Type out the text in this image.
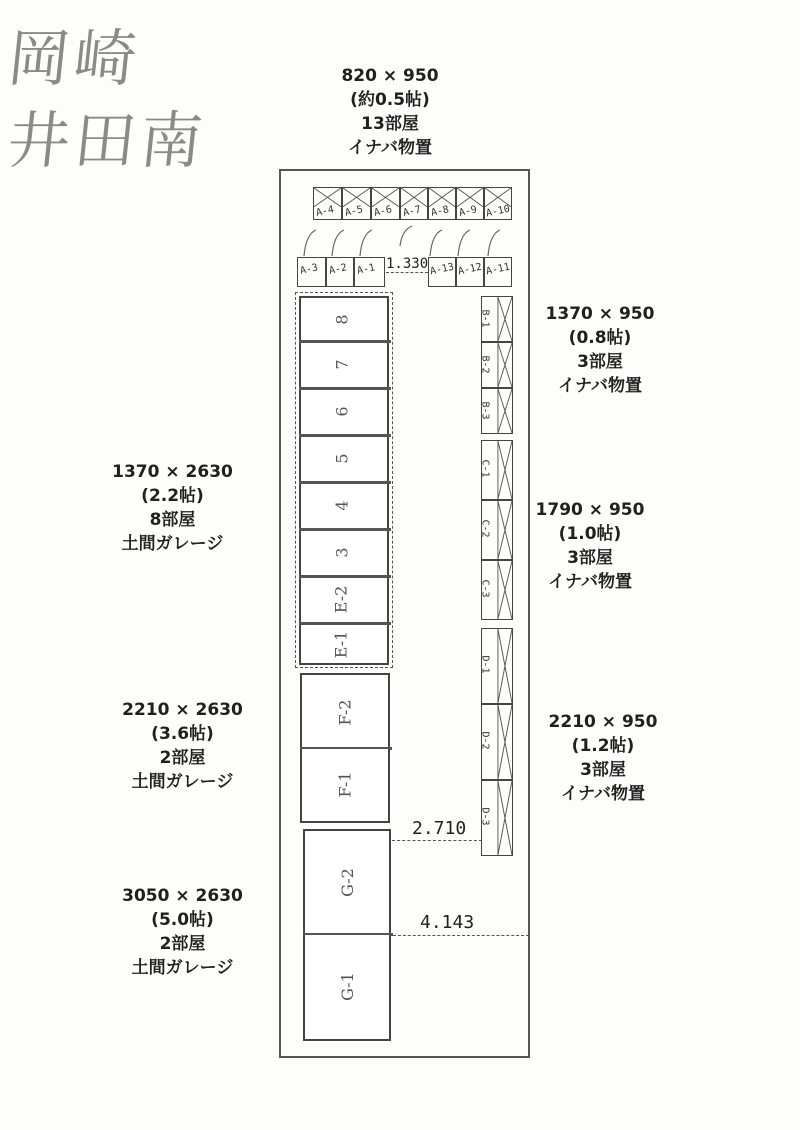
岡崎
井田南
820 × 950
(約0.5帖)
13部屋
イナバ物置
1370 × 950
(0.8帖)
3部屋
イナバ物置
1790 × 950
(1.0帖)
3部屋
イナバ物置
2210 × 950
(1.2帖)
3部屋
イナバ物置
1370 × 2630
(2.2帖)
8部屋
土間ガレージ
2210 × 2630
(3.6帖)
2部屋
土間ガレージ
3050 × 2630
(5.0帖)
2部屋
土間ガレージ
A-4 A-5 A-6 A-7 A-8 A-9 A-10
A-3 A-2 A-1 1.330 A-13 A-12 A-11
B-1
B-2
B-3
C-1
C-2
C-3
D-1
D-2
D-3
8
7
6
5
4
3
E-2
E-1
F-2
F-1
2.710
G-2
G-1
4.143
